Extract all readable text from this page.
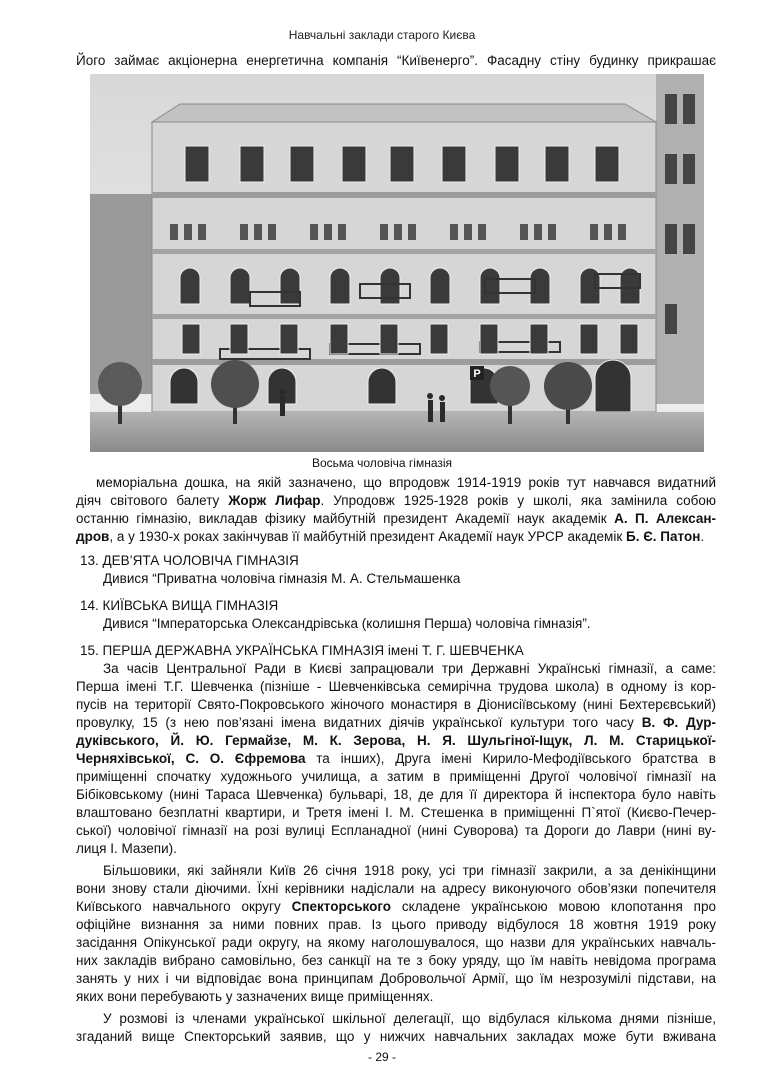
Навчальні заклади старого Києва
Його займає акціонерна енергетична компанія “Київенерго”. Фасадну стіну будинку прикрашає
P
Восьма чоловіча гімназія
меморіальна дошка, на якій зазначено, що впродовж 1914-1919 років тут навчався видатний
діяч світового балету Жорж Лифар. Упродовж 1925-1928 років у школі, яка замінила собою
останню гімназію, викладав фізику майбутній президент Академії наук академік А. П. Алексан-
дров, а у 1930-х роках закінчував її майбутній президент Академії наук УРСР академік Б. Є. Патон.
13. ДЕВ’ЯТА ЧОЛОВІЧА ГІМНАЗІЯ
Дивися “Приватна чоловіча гімназія М. А. Стельмашенка
14. КИЇВСЬКА ВИЩА ГІМНАЗІЯ
Дивися “Імператорська Олександрівська (колишня Перша) чоловіча гімназія”.
15. ПЕРША ДЕРЖАВНА УКРАЇНСЬКА ГІМНАЗІЯ імені Т. Г. ШЕВЧЕНКА
За часів Центральної Ради в Києві запрацювали три Державні Українські гімназії, а саме:
Перша імені Т.Г. Шевченка (пізніше - Шевченківська семирічна трудова школа) в одному із кор-
пусів на території Свято-Покровського жіночого монастиря в Діонисіївському (нині Бехтерєвський)
провулку, 15 (з нею пов’язані імена видатних діячів української культури того часу В. Ф. Дур-
дуківського, Й. Ю. Гермайзе, М. К. Зерова, Н. Я. Шульгіної-Іщук, Л. М. Старицької-
Черняхівської, С. О. Єфремова та інших), Друга імені Кирило-Мефодіївського братства в
приміщенні спочатку художнього училища, а затим в приміщенні Другої чоловічої гімназії на
Бібіковському (нині Тараса Шевченка) бульварі, 18, де для її директора й інспектора було навіть
влаштовано безплатні квартири, и Третя імені І. М. Стешенка в приміщенні П`ятої (Києво-Печер-
ської) чоловічої гімназії на розі вулиці Еспланадної (нині Суворова) та Дороги до Лаври (нині ву-
лиця І. Мазепи).
Більшовики, які зайняли Київ 26 січня 1918 року, усі три гімназії закрили, а за денікінщини
вони знову стали діючими. Їхні керівники надіслали на адресу виконуючого обов’язки попечителя
Київського навчального округу Спекторського складене українською мовою клопотання про
офіційне визнання за ними повних прав. Із цього приводу відбулося 18 жовтня 1919 року
засідання Опікунської ради округу, на якому наголошувалося, що назви для українських навчаль-
них закладів вибрано самовільно, без санкції на те з боку уряду, що їм навіть невідома програма
занять у них і чи відповідає вона принципам Добровольчої Армії, що їм незрозумілі підстави, на
яких вони перебувають у зазначених вище приміщеннях.
У розмові із членами української шкільної делегації, що відбулася кількома днями пізніше,
згаданий вище Спекторський заявив, що у нижчих навчальних закладах може бути вживана
- 29 -
